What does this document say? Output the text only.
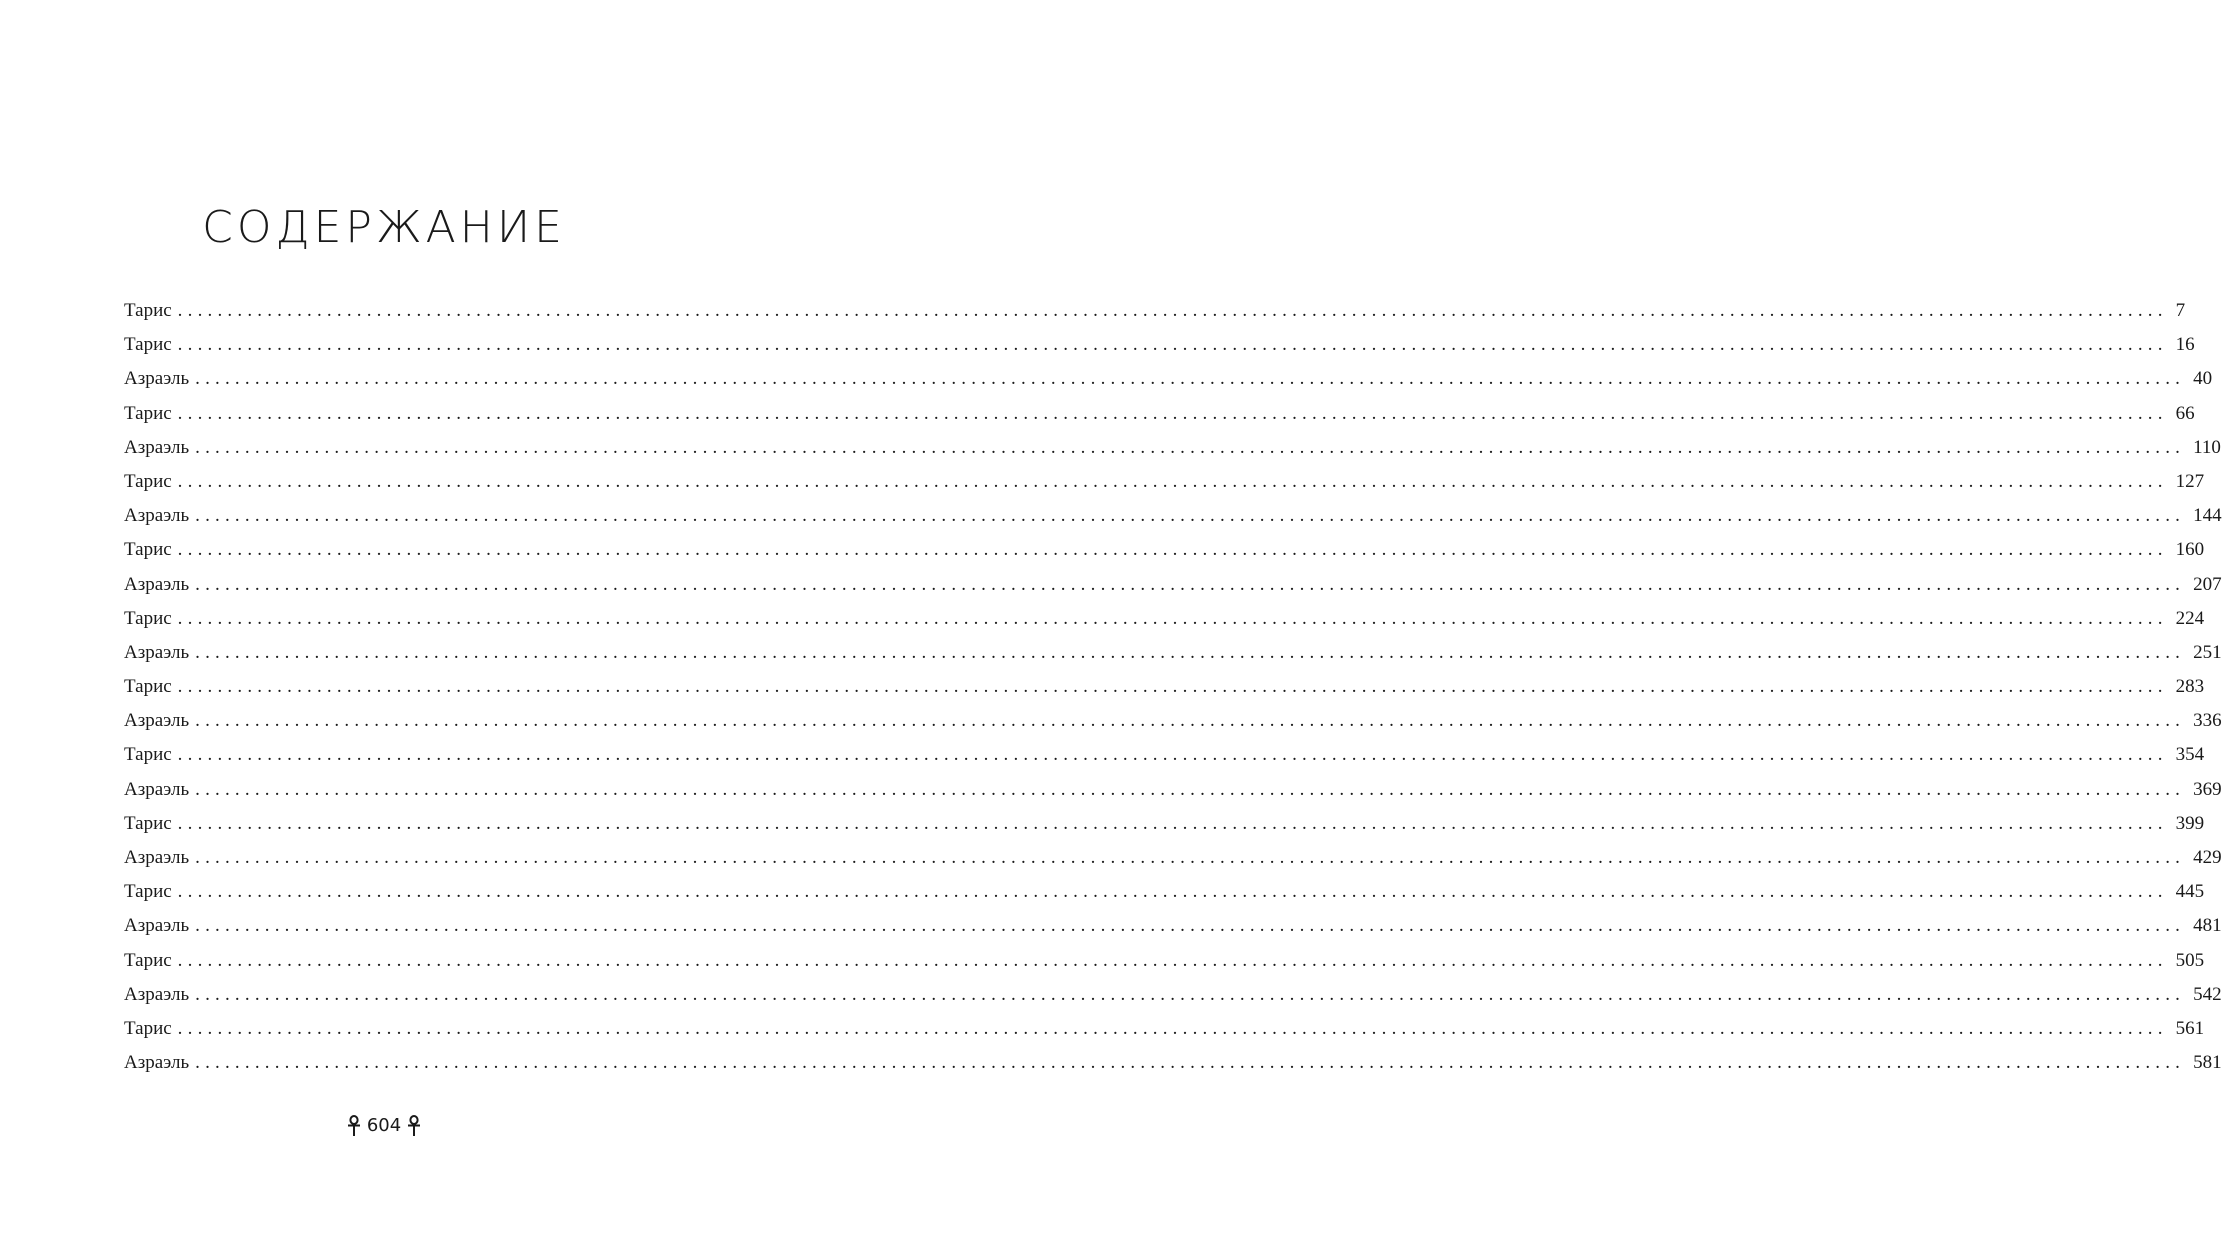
СОДЕРЖАНИЕ
Тарис ........................................................................................................................................................................................................ 7
Тарис ........................................................................................................................................................................................................ 16
Азраэль ........................................................................................................................................................................................................ 40
Тарис ........................................................................................................................................................................................................ 66
Азраэль ........................................................................................................................................................................................................ 110
Тарис ........................................................................................................................................................................................................ 127
Азраэль ........................................................................................................................................................................................................ 144
Тарис ........................................................................................................................................................................................................ 160
Азраэль ........................................................................................................................................................................................................ 207
Тарис ........................................................................................................................................................................................................ 224
Азраэль ........................................................................................................................................................................................................ 251
Тарис ........................................................................................................................................................................................................ 283
Азраэль ........................................................................................................................................................................................................ 336
Тарис ........................................................................................................................................................................................................ 354
Азраэль ........................................................................................................................................................................................................ 369
Тарис ........................................................................................................................................................................................................ 399
Азраэль ........................................................................................................................................................................................................ 429
Тарис ........................................................................................................................................................................................................ 445
Азраэль ........................................................................................................................................................................................................ 481
Тарис ........................................................................................................................................................................................................ 505
Азраэль ........................................................................................................................................................................................................ 542
Тарис ........................................................................................................................................................................................................ 561
Азраэль ........................................................................................................................................................................................................ 581
604
